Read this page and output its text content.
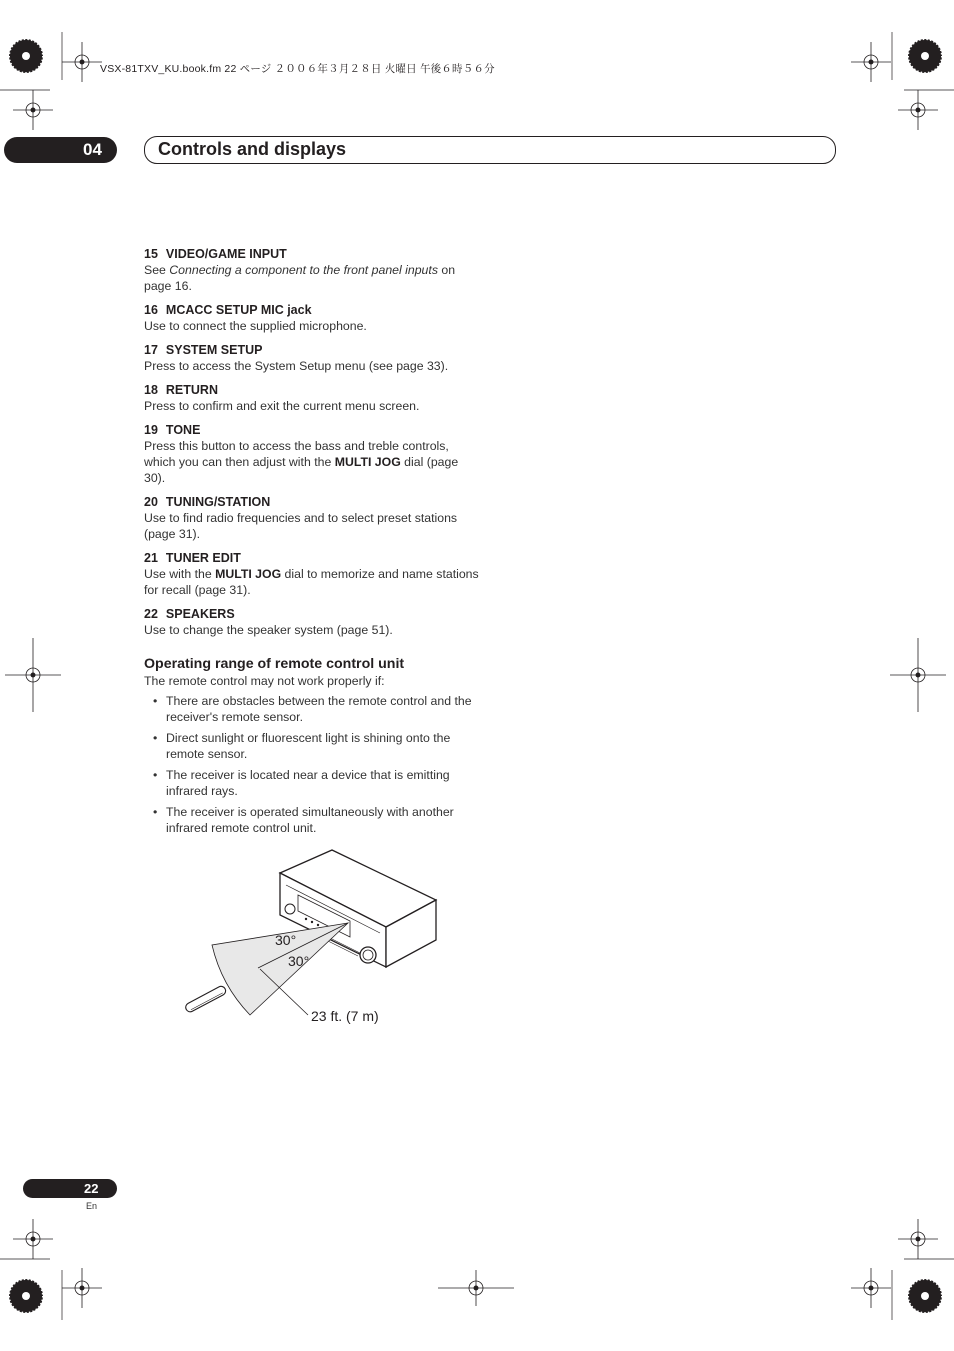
VSX-81TXV_KU.book.fm 22 ページ ２００６年３月２８日 火曜日 午後６時５６分
04	Controls and displays
15 VIDEO/GAME INPUT
See Connecting a component to the front panel inputs on page 16.
16 MCACC SETUP MIC jack
Use to connect the supplied microphone.
17 SYSTEM SETUP
Press to access the System Setup menu (see page 33).
18 RETURN
Press to confirm and exit the current menu screen.
19 TONE
Press this button to access the bass and treble controls, which you can then adjust with the MULTI JOG dial (page 30).
20 TUNING/STATION
Use to find radio frequencies and to select preset stations (page 31).
21 TUNER EDIT
Use with the MULTI JOG dial to memorize and name stations for recall (page 31).
22 SPEAKERS
Use to change the speaker system (page 51).
Operating range of remote control unit
The remote control may not work properly if:
• There are obstacles between the remote control and the receiver's remote sensor.
• Direct sunlight or fluorescent light is shining onto the remote sensor.
• The receiver is located near a device that is emitting infrared rays.
• The receiver is operated simultaneously with another infrared remote control unit.
30°
30°
23 ft. (7 m)
22
En
